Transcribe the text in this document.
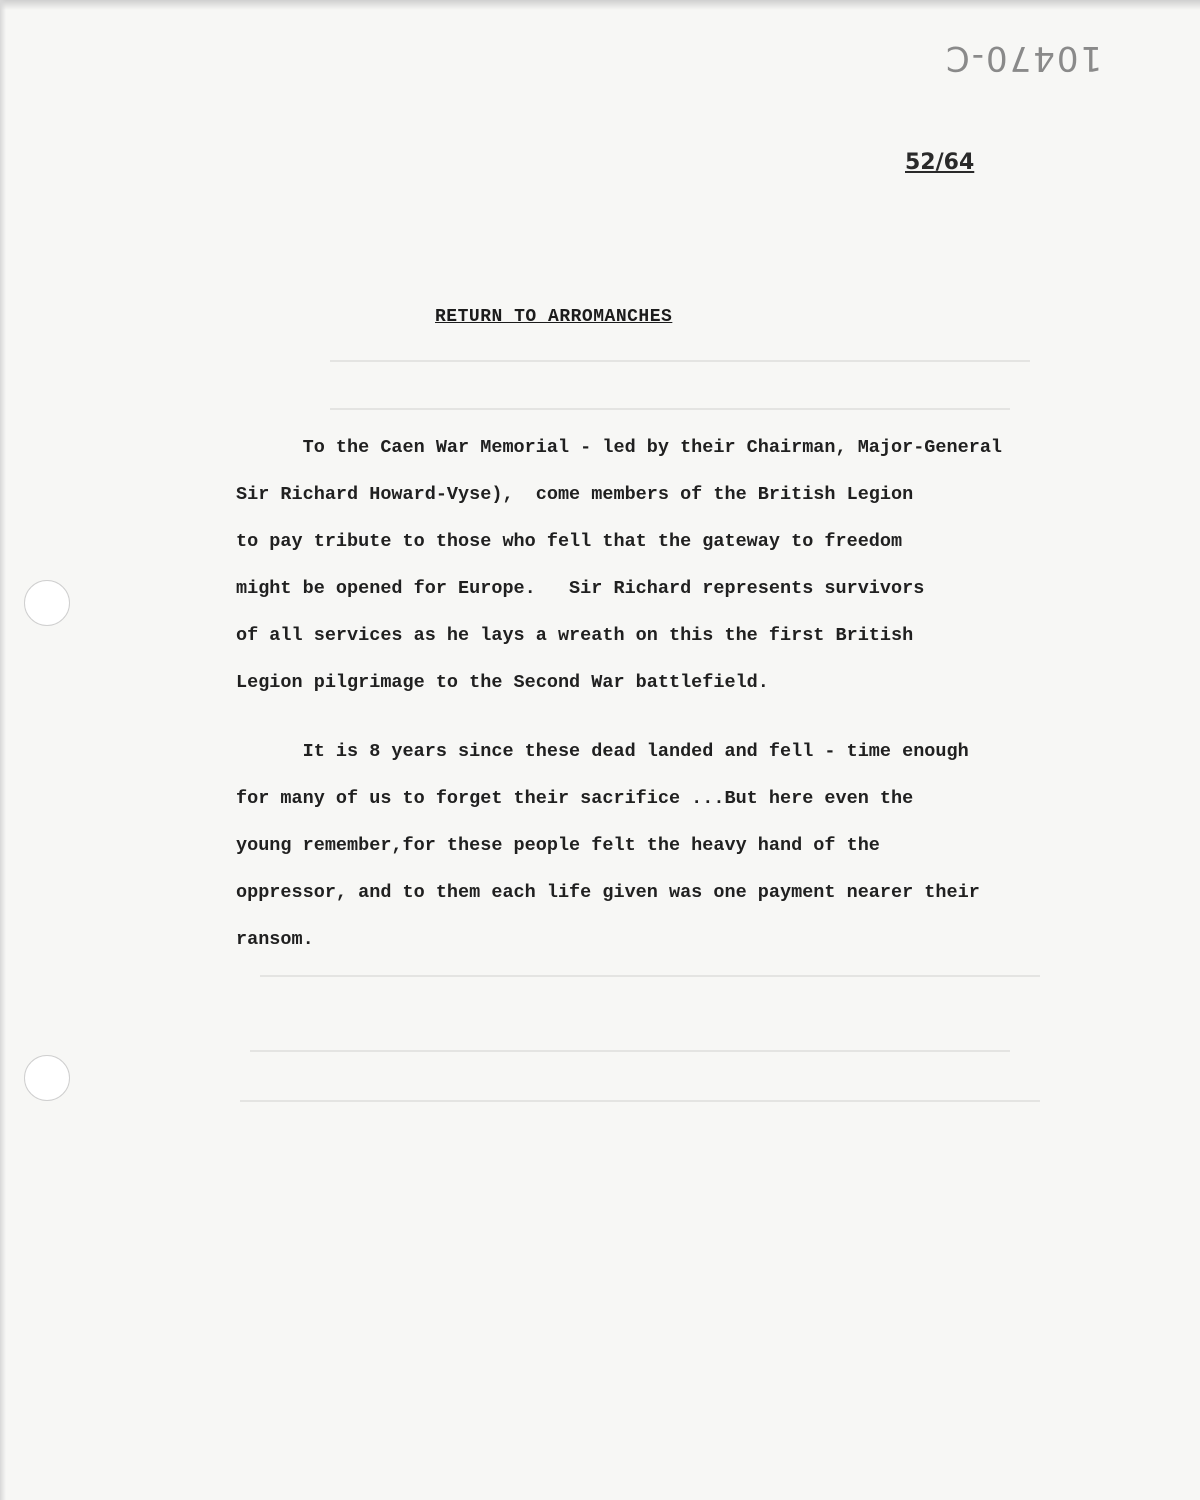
10470-C
52/64
RETURN TO ARROMANCHES
To the Caen War Memorial - led by their Chairman, Major-General
Sir Richard Howard-Vyse),  come members of the British Legion
to pay tribute to those who fell that the gateway to freedom
might be opened for Europe.   Sir Richard represents survivors
of all services as he lays a wreath on this the first British
Legion pilgrimage to the Second War battlefield.
It is 8 years since these dead landed and fell - time enough
for many of us to forget their sacrifice ...But here even the
young remember,for these people felt the heavy hand of the
oppressor, and to them each life given was one payment nearer their
ransom.
